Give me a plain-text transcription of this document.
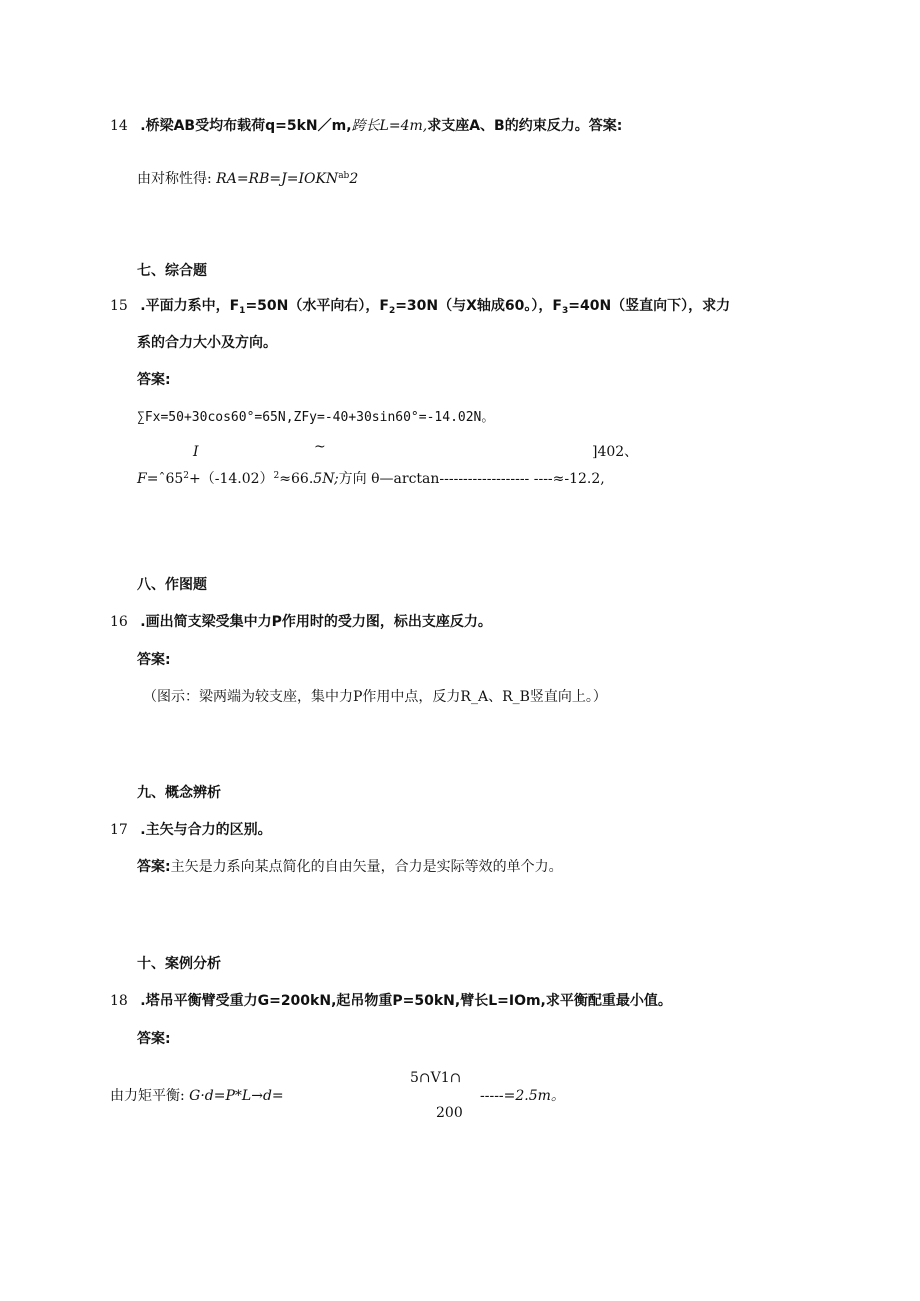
14 .桥梁AB受均布载荷q=5kN／m,跨长L=4m,求支座A、B的约束反力。答案:
由对称性得: $RA=RB=J=IOKN^{ab}2$
七、综合题
15 .平面力系中，$F_1=50N$（水平向右），$F_2=30N$（与X轴成60。），$F_3=40N$（竖直向下），求力
系的合力大小及方向。
答案:
∑Fx=50+30cos60°=65N,ZFy=-40+30sin60°=-14.02N。
I	~	]402、
$F=ˆ65^2+(-14.02)^2\approx 66.5N$;方向 θ—arctan------------------- ----≈-12.2,
八、作图题
16 .画出简支梁受集中力P作用时的受力图，标出支座反力。
答案:
（图示：梁两端为较支座，集中力P作用中点，反力R_A、R_B竖直向上。）
九、概念辨析
17 .主矢与合力的区别。
答案:主矢是力系向某点简化的自由矢量，合力是实际等效的单个力。
十、案例分析
18 .塔吊平衡臂受重力G=200kN,起吊物重P=50kN,臂长L=IOm,求平衡配重最小值。
答案:
5∩V1∩
由力矩平衡: G·d=P*L→d=	-----=2.5m。
200
